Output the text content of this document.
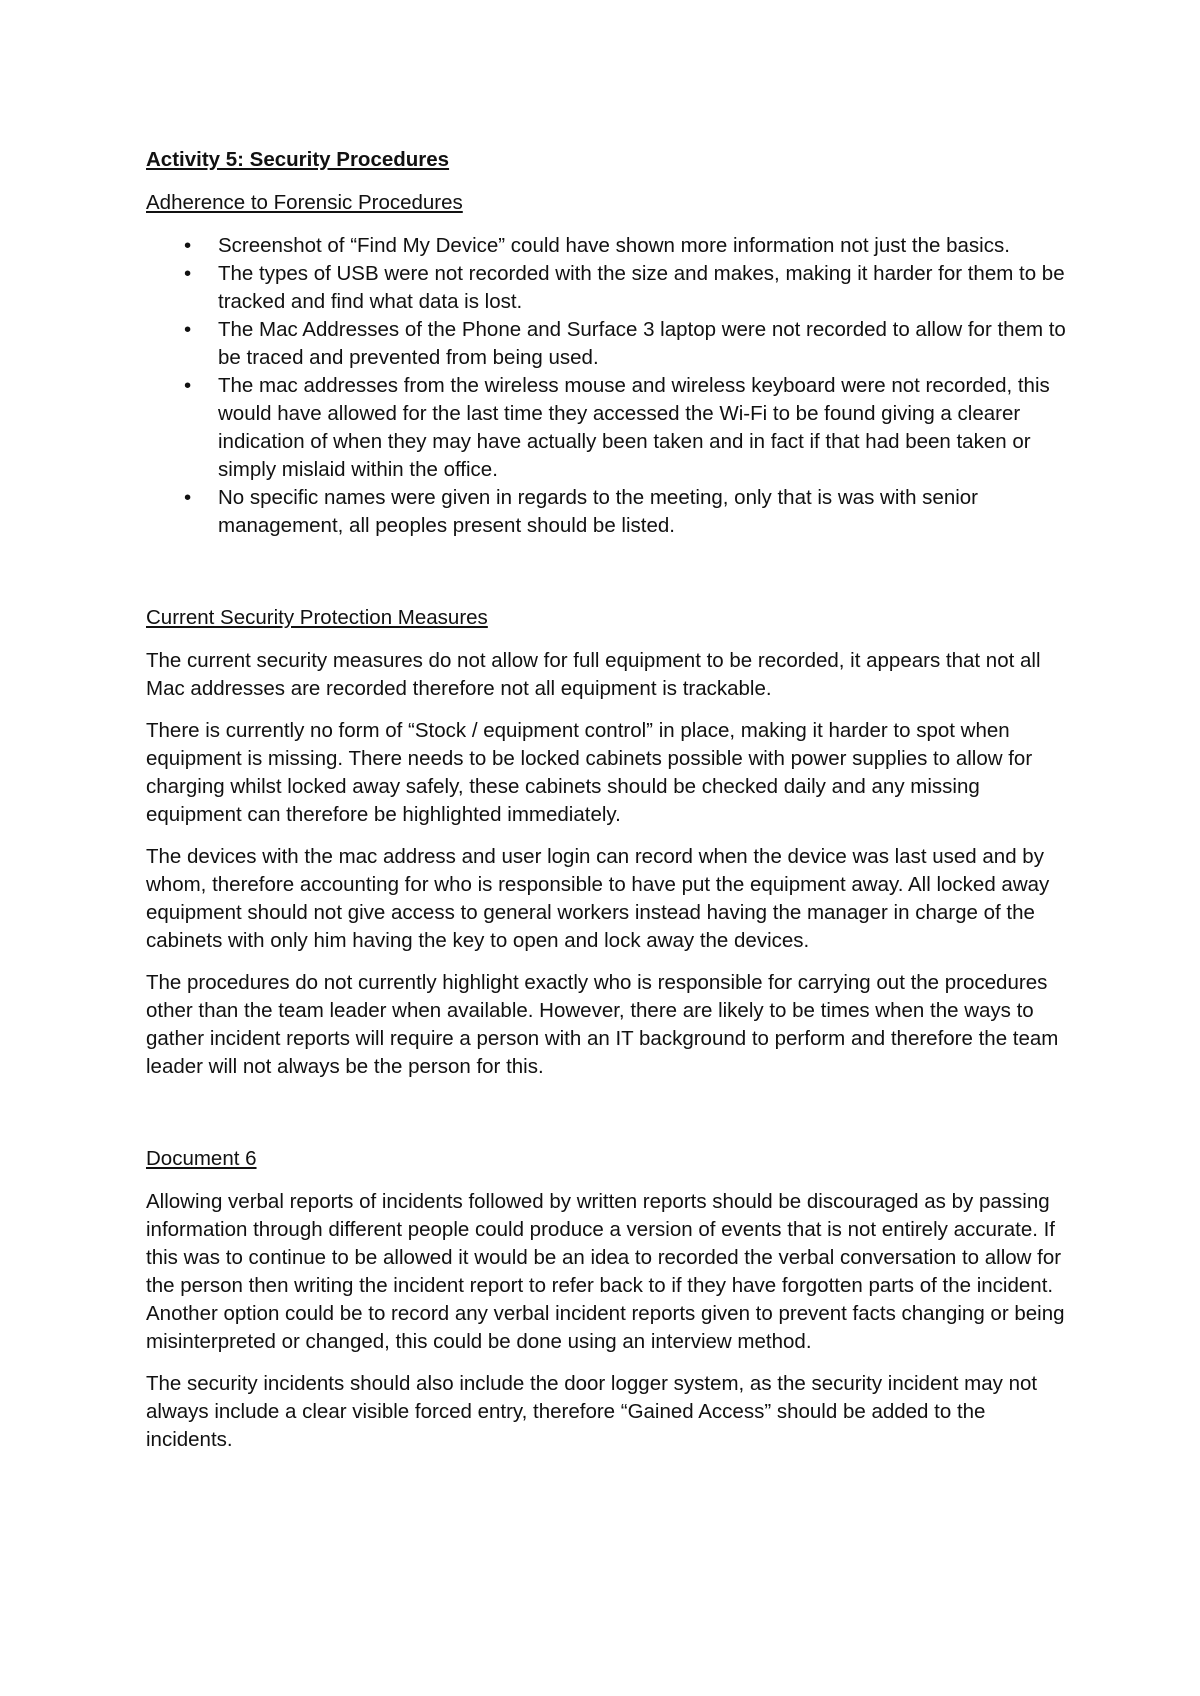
Activity 5: Security Procedures
Adherence to Forensic Procedures
• Screenshot of “Find My Device” could have shown more information not just the basics.
• The types of USB were not recorded with the size and makes, making it harder for them to be tracked and find what data is lost.
• The Mac Addresses of the Phone and Surface 3 laptop were not recorded to allow for them to be traced and prevented from being used.
• The mac addresses from the wireless mouse and wireless keyboard were not recorded, this would have allowed for the last time they accessed the Wi-Fi to be found giving a clearer indication of when they may have actually been taken and in fact if that had been taken or simply mislaid within the office.
• No specific names were given in regards to the meeting, only that is was with senior management, all peoples present should be listed.
Current Security Protection Measures

The current security measures do not allow for full equipment to be recorded, it appears that not all Mac addresses are recorded therefore not all equipment is trackable.

There is currently no form of “Stock / equipment control” in place, making it harder to spot when equipment is missing. There needs to be locked cabinets possible with power supplies to allow for charging whilst locked away safely, these cabinets should be checked daily and any missing equipment can therefore be highlighted immediately.

The devices with the mac address and user login can record when the device was last used and by whom, therefore accounting for who is responsible to have put the equipment away. All locked away equipment should not give access to general workers instead having the manager in charge of the cabinets with only him having the key to open and lock away the devices.

The procedures do not currently highlight exactly who is responsible for carrying out the procedures other than the team leader when available. However, there are likely to be times when the ways to gather incident reports will require a person with an IT background to perform and therefore the team leader will not always be the person for this.

Document 6

Allowing verbal reports of incidents followed by written reports should be discouraged as by passing information through different people could produce a version of events that is not entirely accurate. If this was to continue to be allowed it would be an idea to recorded the verbal conversation to allow for the person then writing the incident report to refer back to if they have forgotten parts of the incident. Another option could be to record any verbal incident reports given to prevent facts changing or being misinterpreted or changed, this could be done using an interview method.

The security incidents should also include the door logger system, as the security incident may not always include a clear visible forced entry, therefore “Gained Access” should be added to the incidents.
